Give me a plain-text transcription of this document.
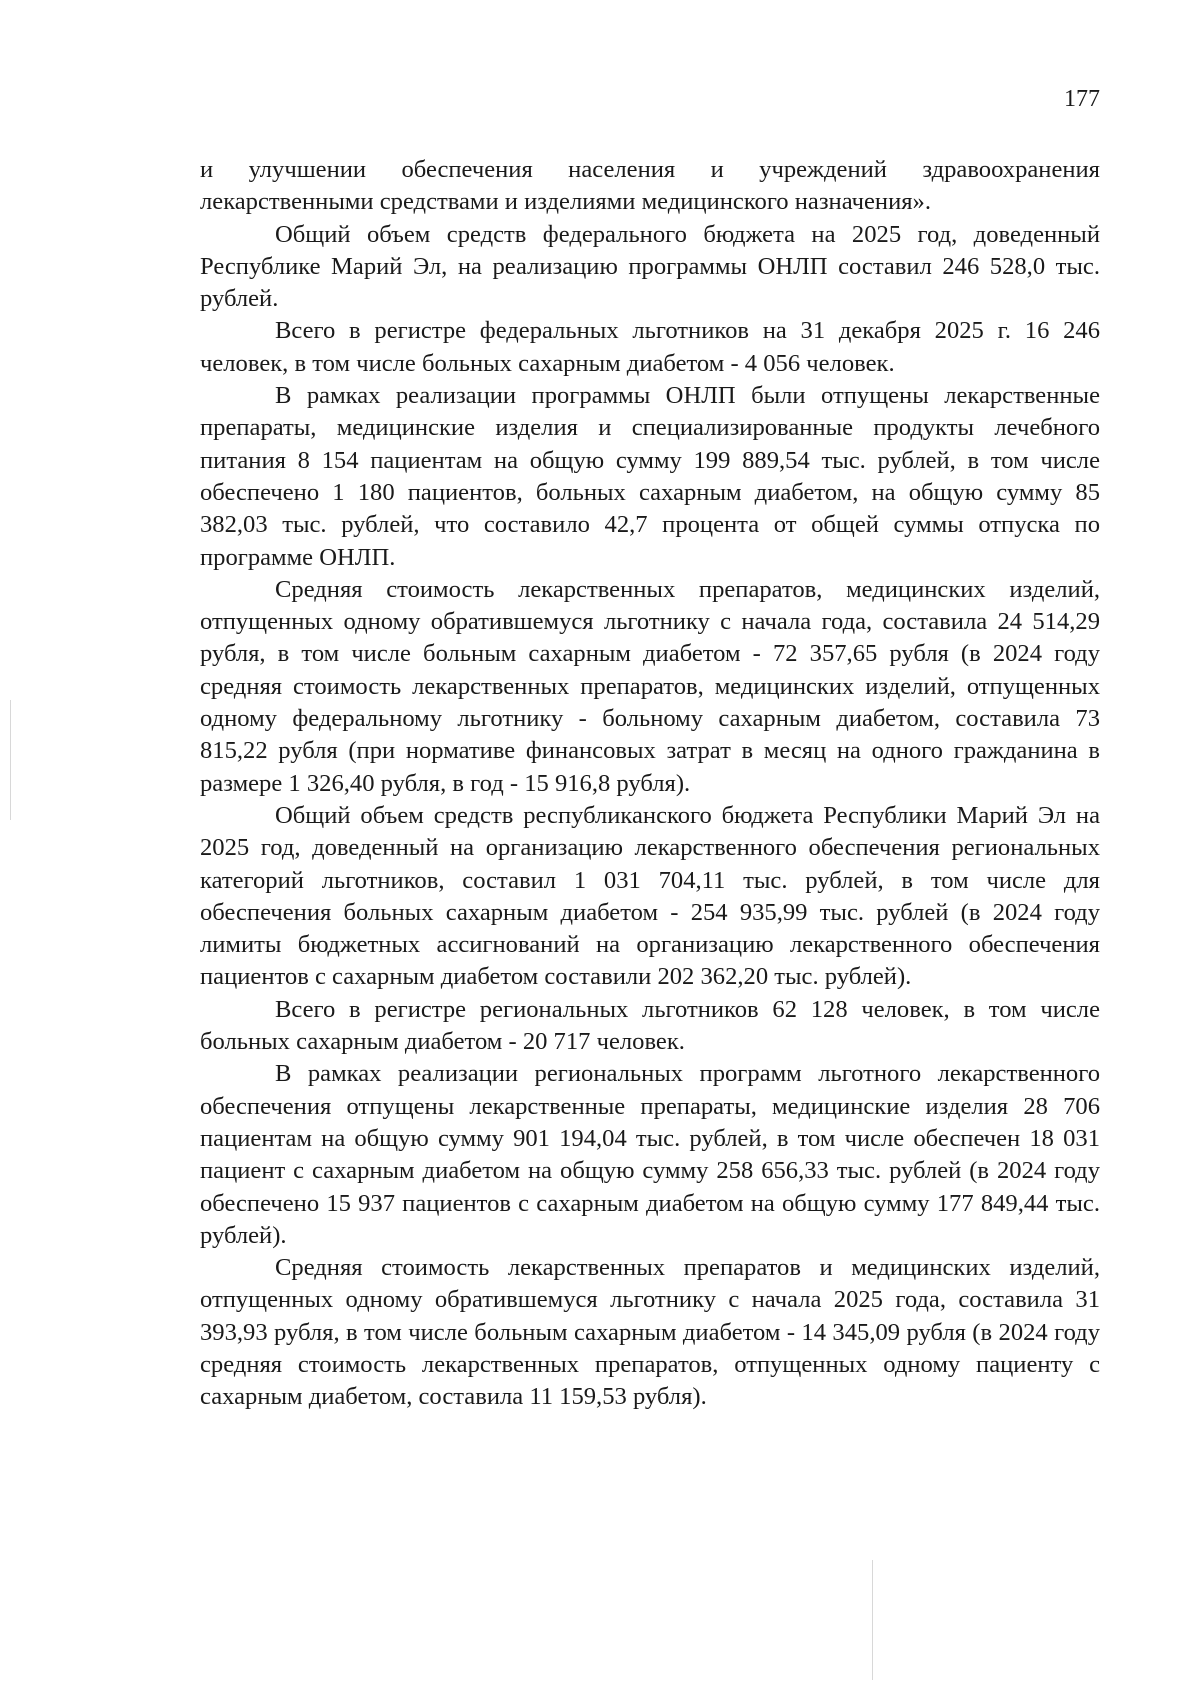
177

и улучшении обеспечения населения и учреждений здравоохранения лекарственными средствами и изделиями медицинского назначения».

Общий объем средств федерального бюджета на 2025 год, доведенный Республике Марий Эл, на реализацию программы ОНЛП составил 246 528,0 тыс. рублей.

Всего в регистре федеральных льготников на 31 декабря 2025 г. 16 246 человек, в том числе больных сахарным диабетом - 4 056 человек.

В рамках реализации программы ОНЛП были отпущены лекарственные препараты, медицинские изделия и специализированные продукты лечебного питания 8 154 пациентам на общую сумму 199 889,54 тыс. рублей, в том числе обеспечено 1 180 пациентов, больных сахарным диабетом, на общую сумму 85 382,03 тыс. рублей, что составило 42,7 процента от общей суммы отпуска по программе ОНЛП.

Средняя стоимость лекарственных препаратов, медицинских изделий, отпущенных одному обратившемуся льготнику с начала года, составила 24 514,29 рубля, в том числе больным сахарным диабетом - 72 357,65 рубля (в 2024 году средняя стоимость лекарственных препаратов, медицинских изделий, отпущенных одному федеральному льготнику - больному сахарным диабетом, составила 73 815,22 рубля (при нормативе финансовых затрат в месяц на одного гражданина в размере 1 326,40 рубля, в год - 15 916,8 рубля).

Общий объем средств республиканского бюджета Республики Марий Эл на 2025 год, доведенный на организацию лекарственного обеспечения региональных категорий льготников, составил 1 031 704,11 тыс. рублей, в том числе для обеспечения больных сахарным диабетом - 254 935,99 тыс. рублей (в 2024 году лимиты бюджетных ассигнований на организацию лекарственного обеспечения пациентов с сахарным диабетом составили 202 362,20 тыс. рублей).

Всего в регистре региональных льготников 62 128 человек, в том числе больных сахарным диабетом - 20 717 человек.

В рамках реализации региональных программ льготного лекарственного обеспечения отпущены лекарственные препараты, медицинские изделия 28 706 пациентам на общую сумму 901 194,04 тыс. рублей, в том числе обеспечен 18 031 пациент с сахарным диабетом на общую сумму 258 656,33 тыс. рублей (в 2024 году обеспечено 15 937 пациентов с сахарным диабетом на общую сумму 177 849,44 тыс. рублей).

Средняя стоимость лекарственных препаратов и медицинских изделий, отпущенных одному обратившемуся льготнику с начала 2025 года, составила 31 393,93 рубля, в том числе больным сахарным диабетом - 14 345,09 рубля (в 2024 году средняя стоимость лекарственных препаратов, отпущенных одному пациенту с сахарным диабетом, составила 11 159,53 рубля).
